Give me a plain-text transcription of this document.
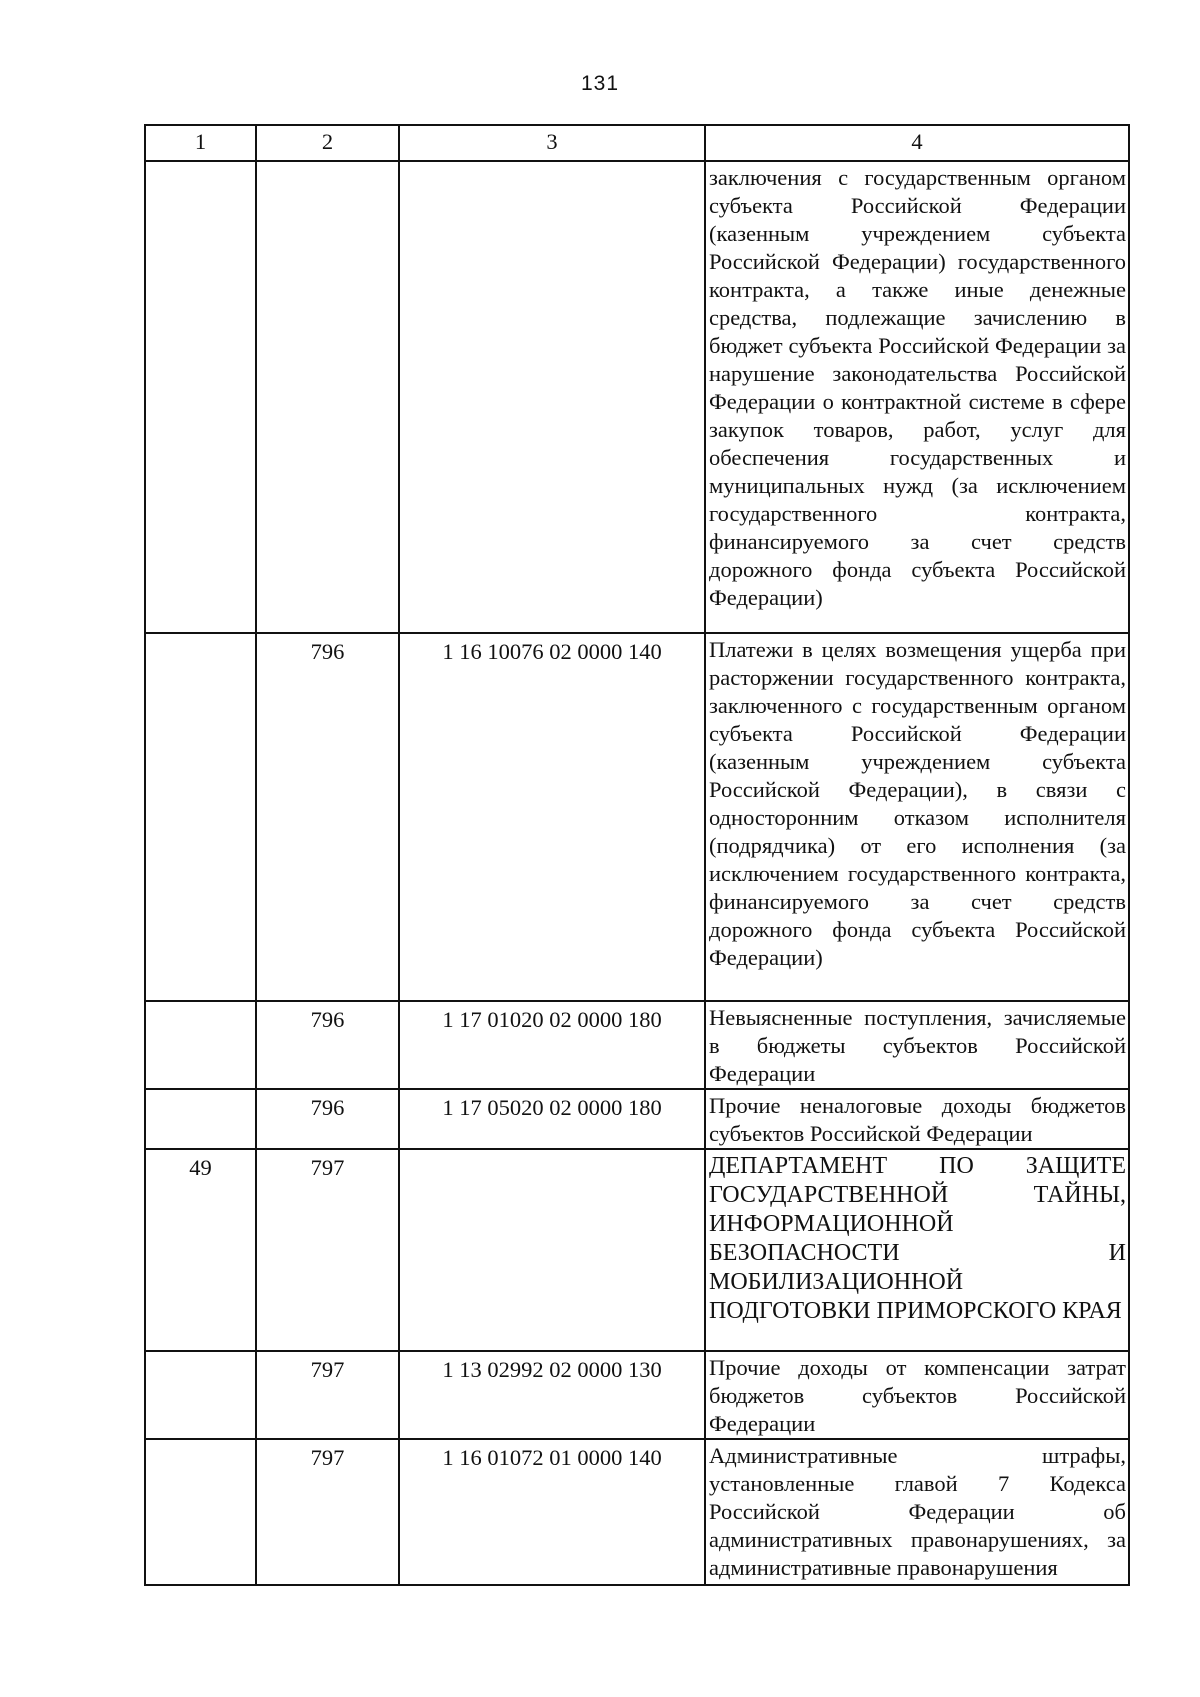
131
1	2	3	4
			заключения с государственным органом субъекта Российской Федерации (казенным учреждением субъекта Российской Федерации) государственного контракта, а также иные денежные средства, подлежащие зачислению в бюджет субъекта Российской Федерации за нарушение законодательства Российской Федерации о контрактной системе в сфере закупок товаров, работ, услуг для обеспечения государственных и муниципальных нужд (за исключением государственного контракта, финансируемого за счет средств дорожного фонда субъекта Российской Федерации)
	796	1 16 10076 02 0000 140	Платежи в целях возмещения ущерба при расторжении государственного контракта, заключенного с государственным органом субъекта Российской Федерации (казенным учреждением субъекта Российской Федерации), в связи с односторонним отказом исполнителя (подрядчика) от его исполнения (за исключением государственного контракта, финансируемого за счет средств дорожного фонда субъекта Российской Федерации)
	796	1 17 01020 02 0000 180	Невыясненные поступления, зачисляемые в бюджеты субъектов Российской Федерации
	796	1 17 05020 02 0000 180	Прочие неналоговые доходы бюджетов субъектов Российской Федерации
49	797		ДЕПАРТАМЕНТ ПО ЗАЩИТЕ ГОСУДАРСТВЕННОЙ ТАЙНЫ, ИНФОРМАЦИОННОЙ БЕЗОПАСНОСТИ И МОБИЛИЗАЦИОННОЙ ПОДГОТОВКИ ПРИМОРСКОГО КРАЯ
	797	1 13 02992 02 0000 130	Прочие доходы от компенсации затрат бюджетов субъектов Российской Федерации
	797	1 16 01072 01 0000 140	Административные штрафы, установленные главой 7 Кодекса Российской Федерации об административных правонарушениях, за административные правонарушения
